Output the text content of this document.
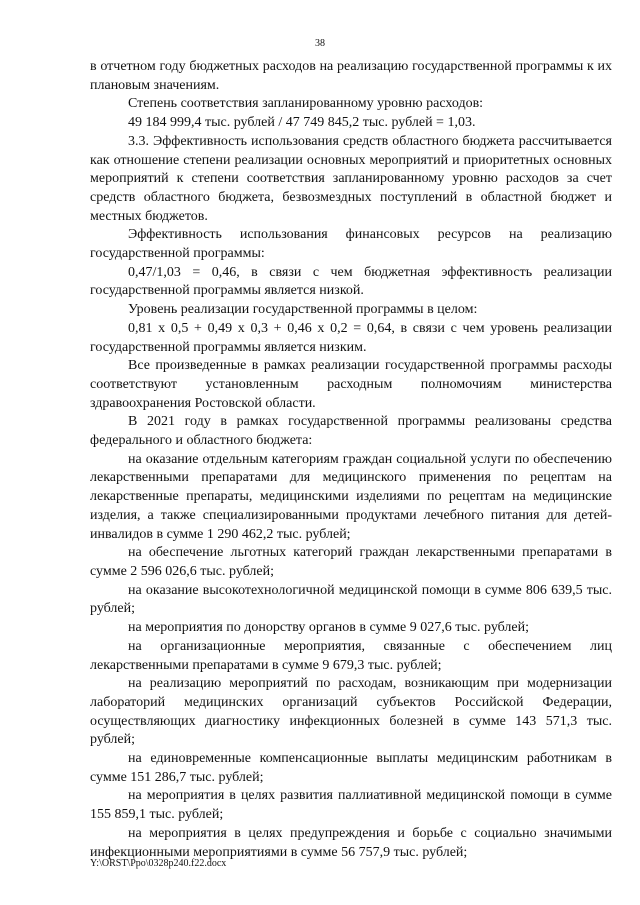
38

в отчетном году бюджетных расходов на реализацию государственной программы к их плановым значениям.

Степень соответствия запланированному уровню расходов:

49 184 999,4 тыс. рублей / 47 749 845,2 тыс. рублей = 1,03.

3.3. Эффективность использования средств областного бюджета рассчитывается как отношение степени реализации основных мероприятий и приоритетных основных мероприятий к степени соответствия запланированному уровню расходов за счет средств областного бюджета, безвозмездных поступлений в областной бюджет и местных бюджетов.

Эффективность использования финансовых ресурсов на реализацию государственной программы:

0,47/1,03 = 0,46, в связи с чем бюджетная эффективность реализации государственной программы является низкой.

Уровень реализации государственной программы в целом:

0,81 x 0,5 + 0,49 x 0,3 + 0,46 x 0,2 = 0,64, в связи с чем уровень реализации государственной программы является низким.

Все произведенные в рамках реализации государственной программы расходы соответствуют установленным расходным полномочиям министерства здравоохранения Ростовской области.

В 2021 году в рамках государственной программы реализованы средства федерального и областного бюджета:

на оказание отдельным категориям граждан социальной услуги по обеспечению лекарственными препаратами для медицинского применения по рецептам на лекарственные препараты, медицинскими изделиями по рецептам на медицинские изделия, а также специализированными продуктами лечебного питания для детей-инвалидов в сумме 1 290 462,2 тыс. рублей;

на обеспечение льготных категорий граждан лекарственными препаратами в сумме 2 596 026,6 тыс. рублей;

на оказание высокотехнологичной медицинской помощи в сумме 806 639,5 тыс. рублей;

на мероприятия по донорству органов в сумме 9 027,6 тыс. рублей;

на организационные мероприятия, связанные с обеспечением лиц лекарственными препаратами в сумме 9 679,3 тыс. рублей;

на реализацию мероприятий по расходам, возникающим при модернизации лабораторий медицинских организаций субъектов Российской Федерации, осуществляющих диагностику инфекционных болезней в сумме 143 571,3 тыс. рублей;

на единовременные компенсационные выплаты медицинским работникам в сумме 151 286,7 тыс. рублей;

на мероприятия в целях развития паллиативной медицинской помощи в сумме 155 859,1 тыс. рублей;

на мероприятия в целях предупреждения и борьбе с социально значимыми инфекционными мероприятиями в сумме 56 757,9 тыс. рублей;

Y:\ORST\Ppo\0328p240.f22.docx
